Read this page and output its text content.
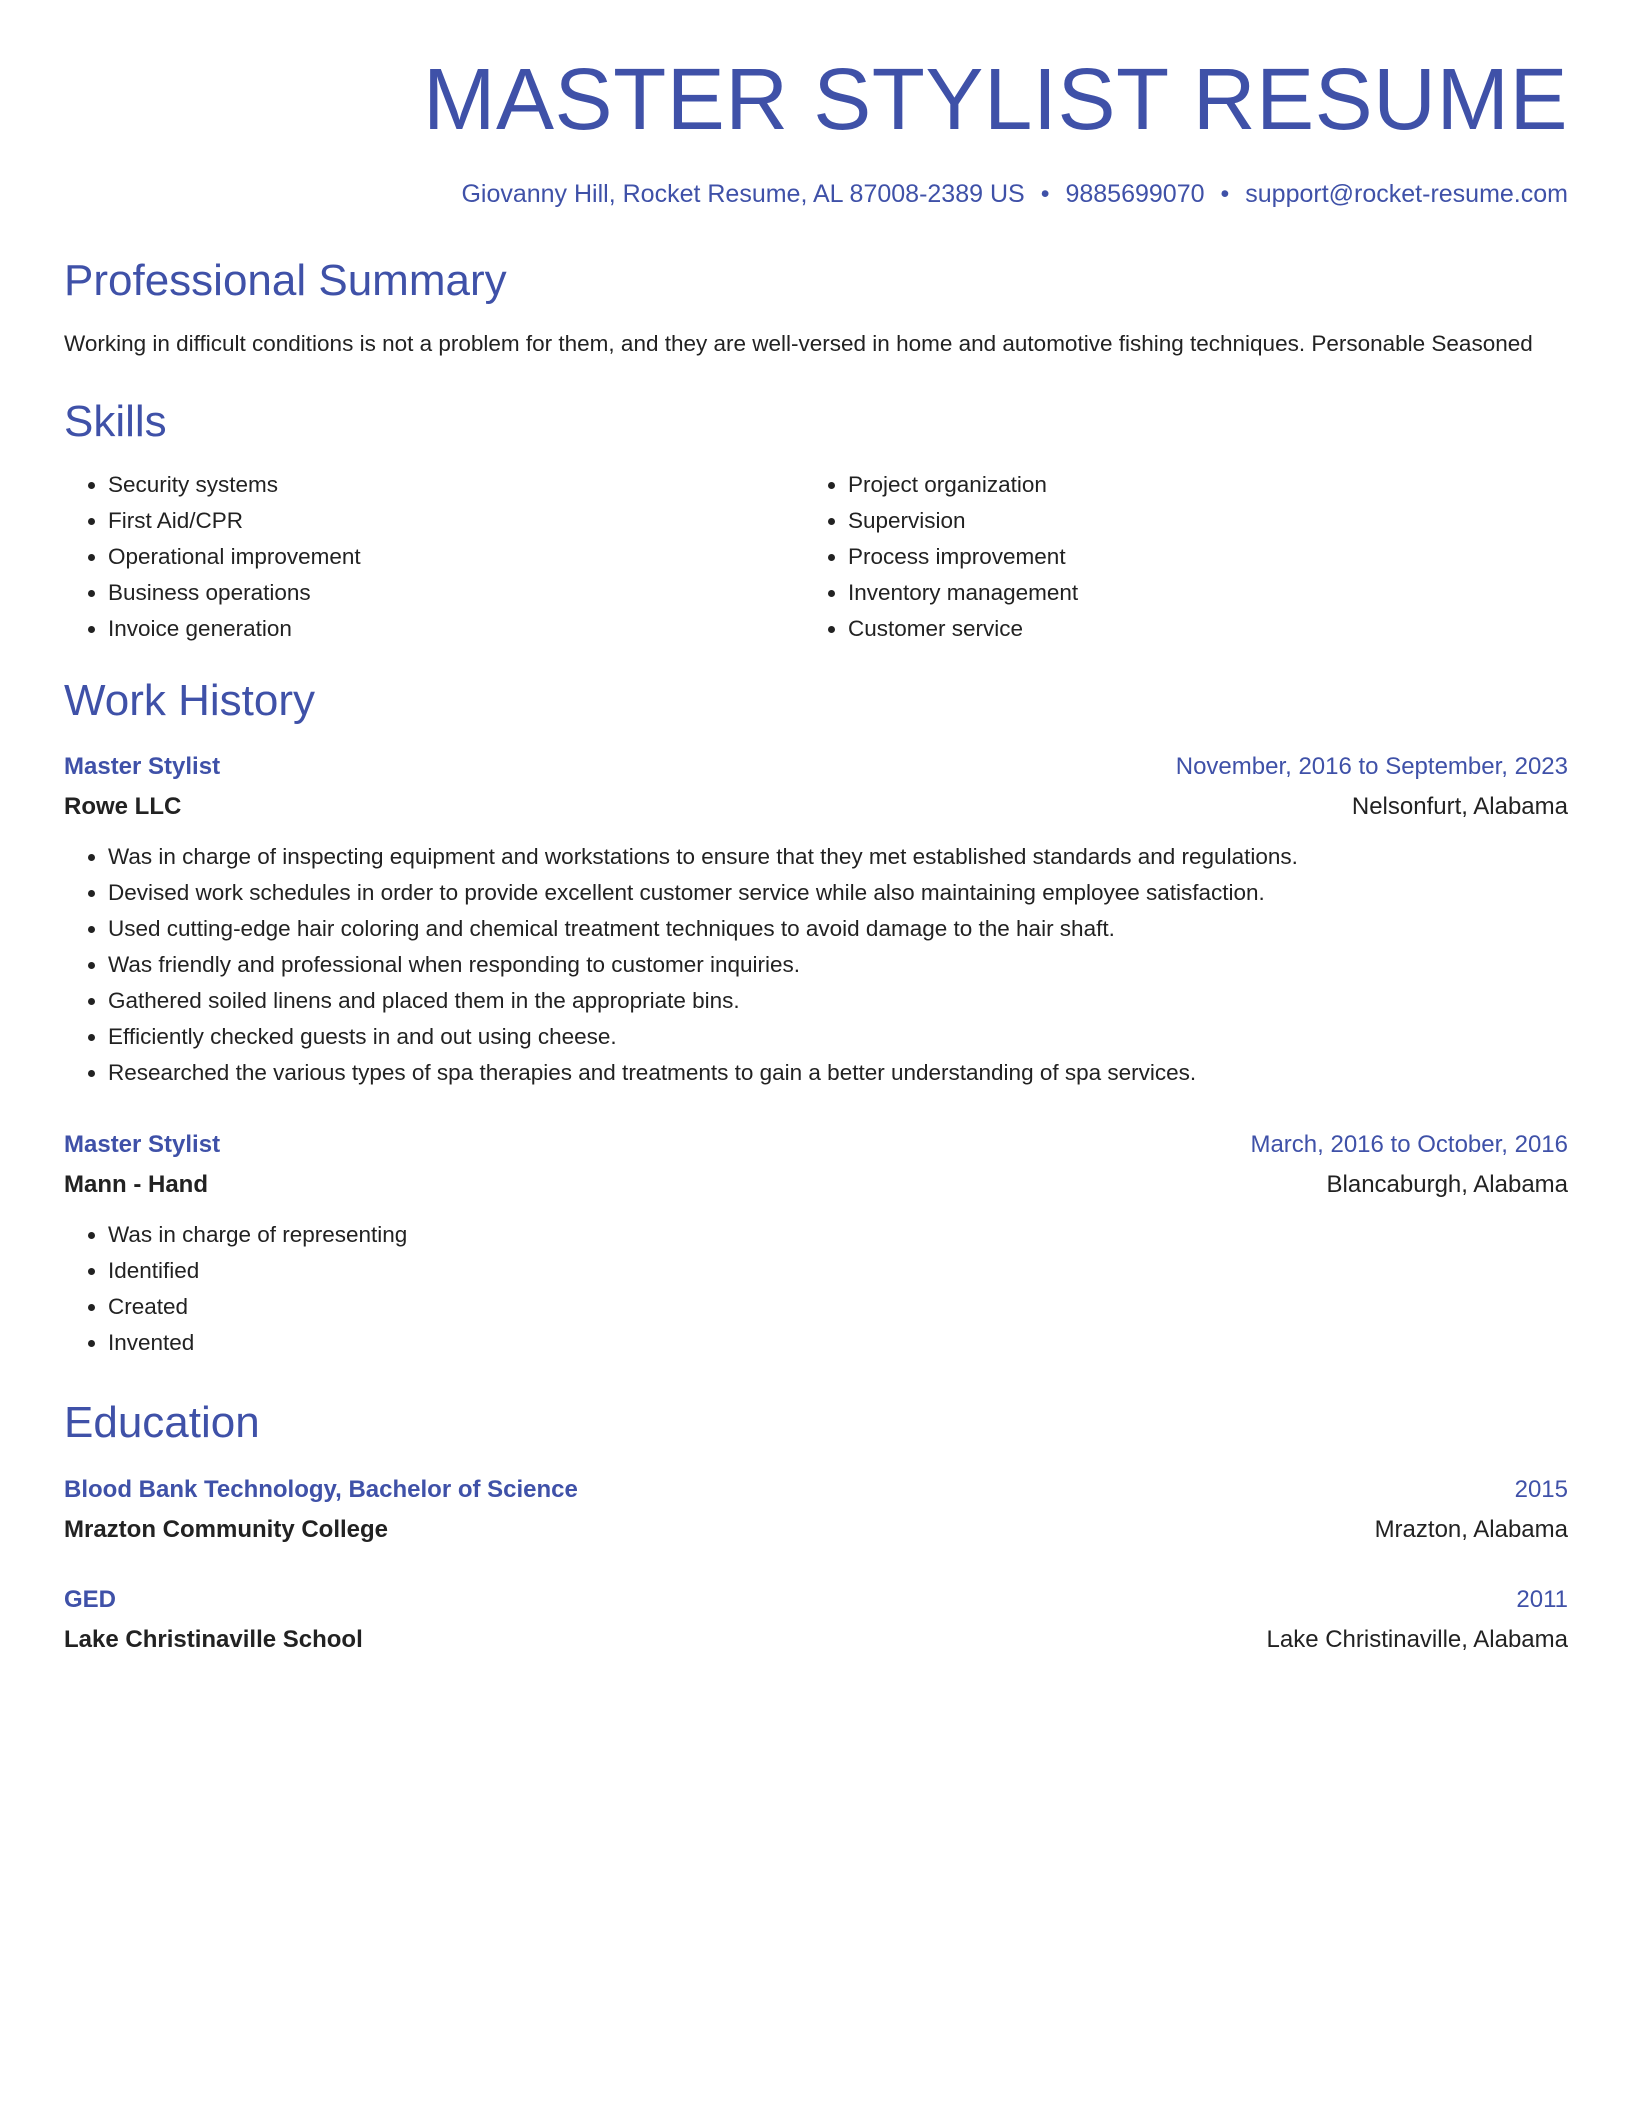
MASTER STYLIST RESUME
Giovanny Hill, Rocket Resume, AL 87008-2389 US • 9885699070 • support@rocket-resume.com
Professional Summary
Working in difficult conditions is not a problem for them, and they are well-versed in home and automotive fishing techniques. Personable Seasoned
Skills
• Security systems
• First Aid/CPR
• Operational improvement
• Business operations
• Invoice generation
• Project organization
• Supervision
• Process improvement
• Inventory management
• Customer service
Work History
Master Stylist	November, 2016 to September, 2023
Rowe LLC	Nelsonfurt, Alabama
• Was in charge of inspecting equipment and workstations to ensure that they met established standards and regulations.
• Devised work schedules in order to provide excellent customer service while also maintaining employee satisfaction.
• Used cutting-edge hair coloring and chemical treatment techniques to avoid damage to the hair shaft.
• Was friendly and professional when responding to customer inquiries.
• Gathered soiled linens and placed them in the appropriate bins.
• Efficiently checked guests in and out using cheese.
• Researched the various types of spa therapies and treatments to gain a better understanding of spa services.
Master Stylist	March, 2016 to October, 2016
Mann - Hand	Blancaburgh, Alabama
• Was in charge of representing
• Identified
• Created
• Invented
Education
Blood Bank Technology, Bachelor of Science	2015
Mrazton Community College	Mrazton, Alabama
GED	2011
Lake Christinaville School	Lake Christinaville, Alabama
